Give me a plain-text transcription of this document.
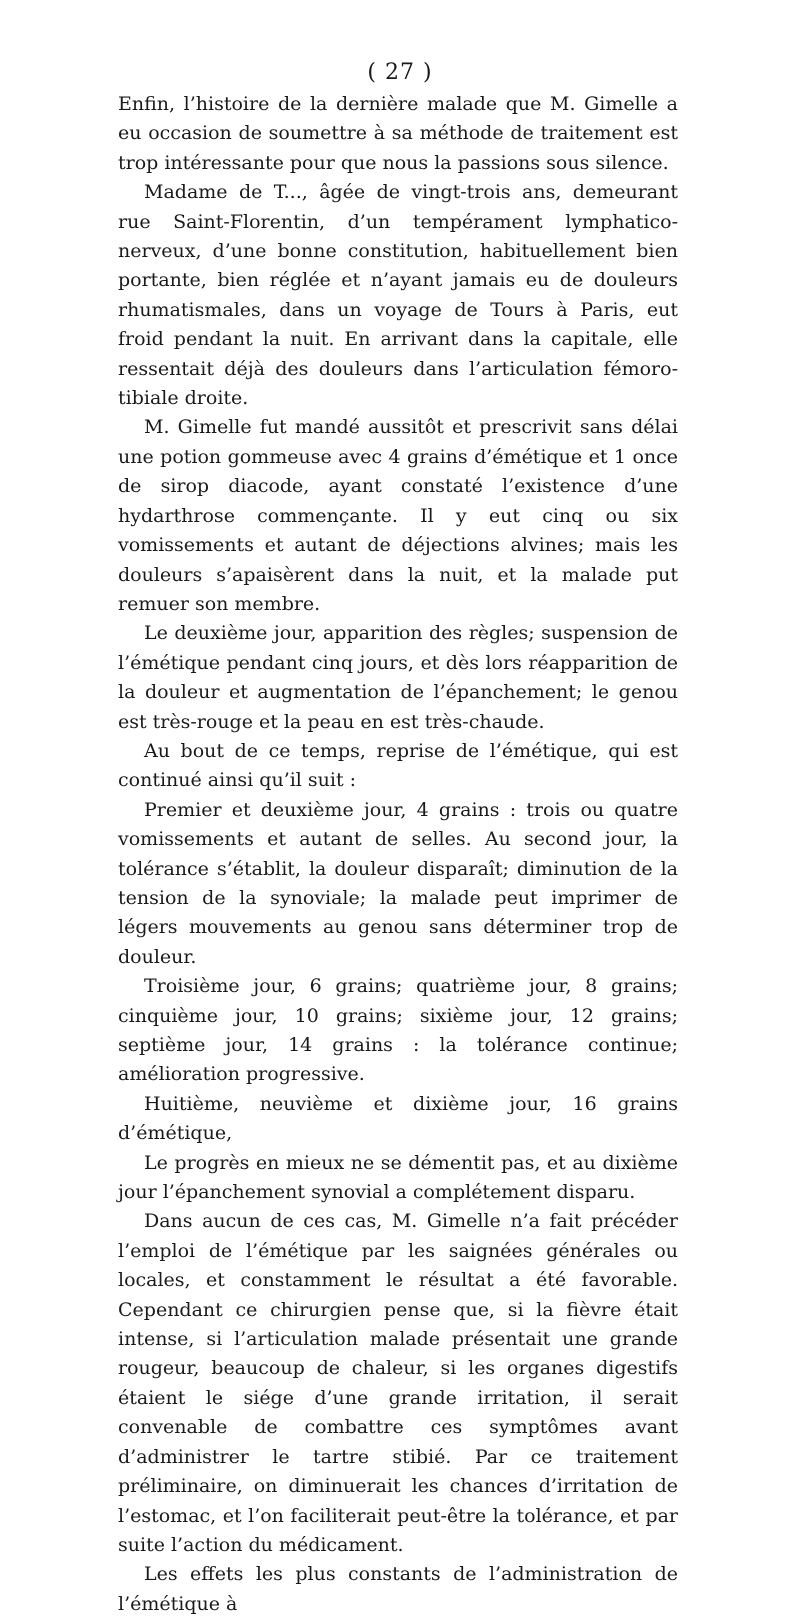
( 27 )

Enfin, l’histoire de la dernière malade que M. Gimelle a eu occasion de soumettre à sa méthode de traitement est trop intéressante pour que nous la passions sous silence.

Madame de T..., âgée de vingt-trois ans, demeurant rue Saint-Florentin, d’un tempérament lymphatico-nerveux, d’une bonne constitution, habituellement bien portante, bien réglée et n’ayant jamais eu de douleurs rhumatismales, dans un voyage de Tours à Paris, eut froid pendant la nuit. En arrivant dans la capitale, elle ressentait déjà des douleurs dans l’articulation fémoro-tibiale droite.

M. Gimelle fut mandé aussitôt et prescrivit sans délai une potion gommeuse avec 4 grains d’émétique et 1 once de sirop diacode, ayant constaté l’existence d’une hydarthrose commençante. Il y eut cinq ou six vomissements et autant de déjections alvines; mais les douleurs s’apaisèrent dans la nuit, et la malade put remuer son membre.

Le deuxième jour, apparition des règles; suspension de l’émétique pendant cinq jours, et dès lors réapparition de la douleur et augmentation de l’épanchement; le genou est très-rouge et la peau en est très-chaude.

Au bout de ce temps, reprise de l’émétique, qui est continué ainsi qu’il suit :

Premier et deuxième jour, 4 grains : trois ou quatre vomissements et autant de selles. Au second jour, la tolérance s’établit, la douleur disparaît; diminution de la tension de la synoviale; la malade peut imprimer de légers mouvements au genou sans déterminer trop de douleur.

Troisième jour, 6 grains; quatrième jour, 8 grains; cinquième jour, 10 grains; sixième jour, 12 grains; septième jour, 14 grains : la tolérance continue; amélioration progressive.

Huitième, neuvième et dixième jour, 16 grains d’émétique,

Le progrès en mieux ne se démentit pas, et au dixième jour l’épanchement synovial a complétement disparu.

Dans aucun de ces cas, M. Gimelle n’a fait précéder l’emploi de l’émétique par les saignées générales ou locales, et constamment le résultat a été favorable. Cependant ce chirurgien pense que, si la fièvre était intense, si l’articulation malade présentait une grande rougeur, beaucoup de chaleur, si les organes digestifs étaient le siége d’une grande irritation, il serait convenable de combattre ces symptômes avant d’administrer le tartre stibié. Par ce traitement préliminaire, on diminuerait les chances d’irritation de l’estomac, et l’on faciliterait peut-être la tolérance, et par suite l’action du médicament.

Les effets les plus constants de l’administration de l’émétique à
